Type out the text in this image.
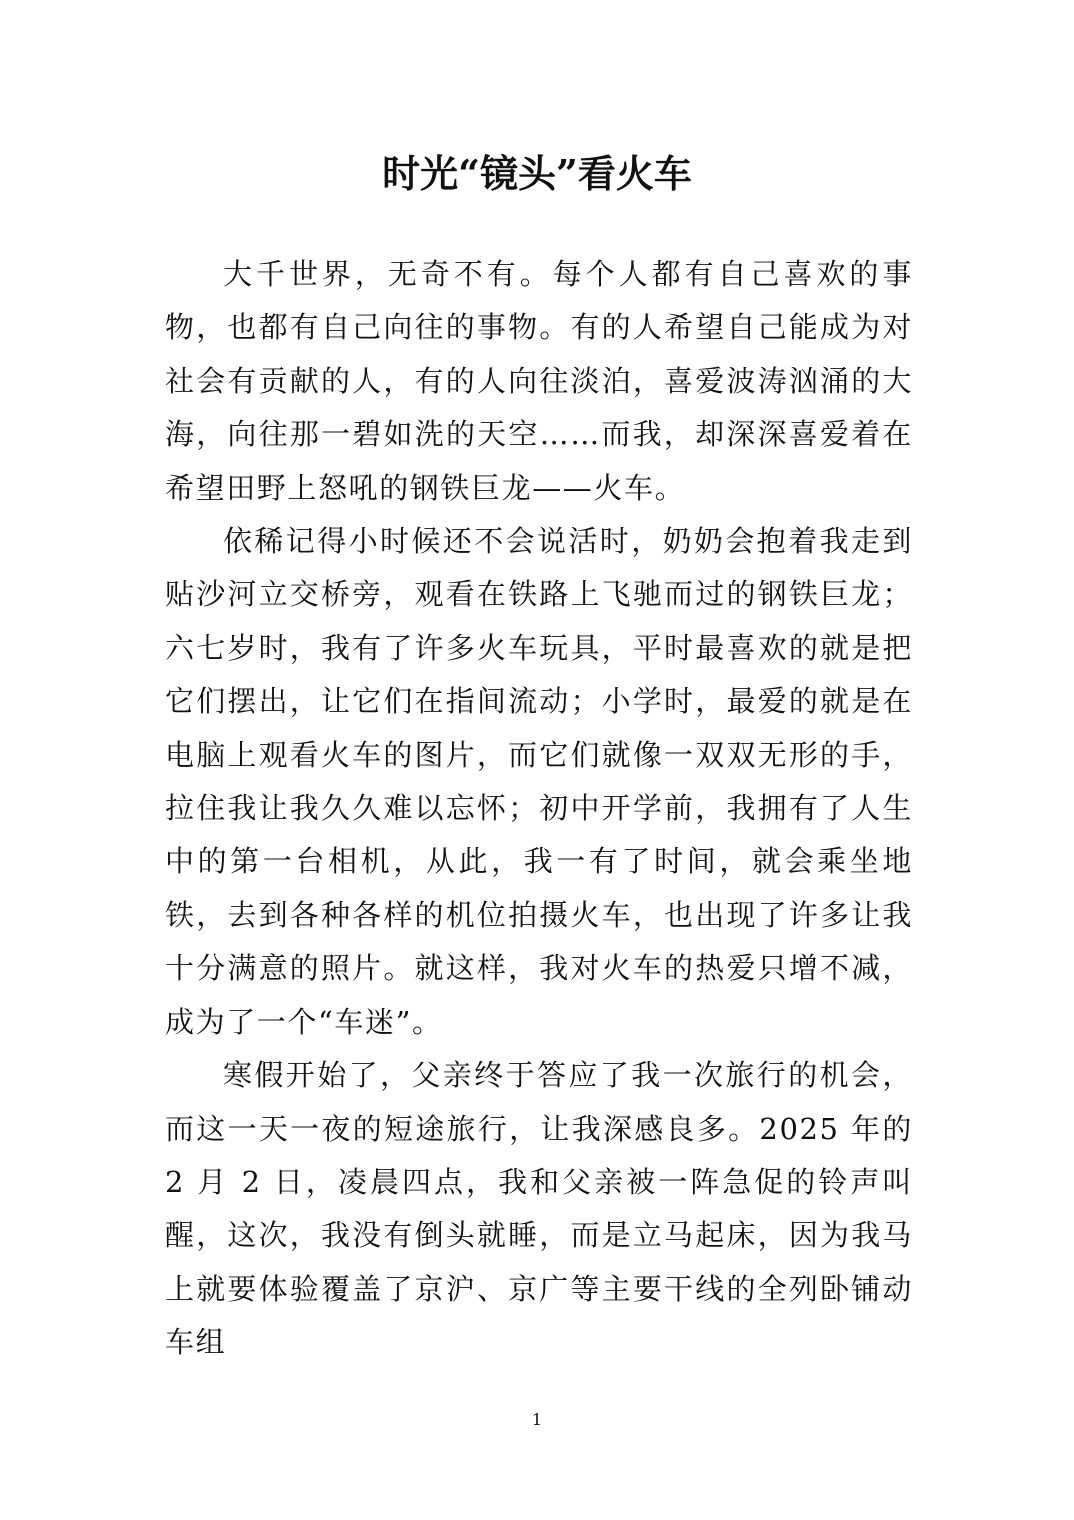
时光“镜头”看火车

大千世界，无奇不有。每个人都有自己喜欢的事物，也都有自己向往的事物。有的人希望自己能成为对社会有贡献的人，有的人向往淡泊，喜爱波涛汹涌的大海，向往那一碧如洗的天空……而我，却深深喜爱着在希望田野上怒吼的钢铁巨龙——火车。

依稀记得小时候还不会说活时，奶奶会抱着我走到贴沙河立交桥旁，观看在铁路上飞驰而过的钢铁巨龙；六七岁时，我有了许多火车玩具，平时最喜欢的就是把它们摆出，让它们在指间流动；小学时，最爱的就是在电脑上观看火车的图片，而它们就像一双双无形的手，拉住我让我久久难以忘怀；初中开学前，我拥有了人生中的第一台相机，从此，我一有了时间，就会乘坐地铁，去到各种各样的机位拍摄火车，也出现了许多让我十分满意的照片。就这样，我对火车的热爱只增不减，成为了一个“车迷”。

寒假开始了，父亲终于答应了我一次旅行的机会，而这一天一夜的短途旅行，让我深感良多。2025 年的 2 月 2 日，凌晨四点，我和父亲被一阵急促的铃声叫醒，这次，我没有倒头就睡，而是立马起床，因为我马上就要体验覆盖了京沪、京广等主要干线的全列卧铺动车组

1
